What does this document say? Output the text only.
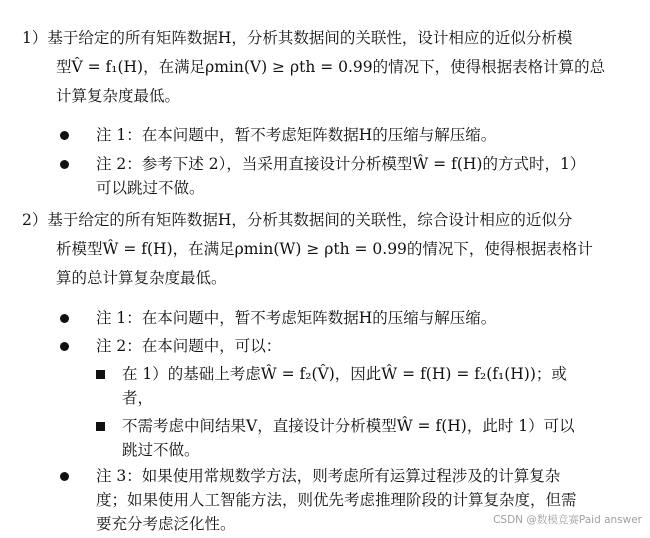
1）基于给定的所有矩阵数据H，分析其数据间的关联性，设计相应的近似分析模
型V̂ = f₁(H)，在满足ρmin(V) ≥ ρth = 0.99的情况下，使得根据表格计算的总
计算复杂度最低。
注 1：在本问题中，暂不考虑矩阵数据H的压缩与解压缩。
注 2：参考下述 2），当采用直接设计分析模型Ŵ = f(H)的方式时，1）
可以跳过不做。
2）基于给定的所有矩阵数据H，分析其数据间的关联性，综合设计相应的近似分
析模型Ŵ = f(H)，在满足ρmin(W) ≥ ρth = 0.99的情况下，使得根据表格计
算的总计算复杂度最低。
注 1：在本问题中，暂不考虑矩阵数据H的压缩与解压缩。
注 2：在本问题中，可以：
在 1）的基础上考虑Ŵ = f₂(V̂)，因此Ŵ = f(H) = f₂(f₁(H))；或
者，
不需考虑中间结果V，直接设计分析模型Ŵ = f(H)，此时 1）可以
跳过不做。
注 3：如果使用常规数学方法，则考虑所有运算过程涉及的计算复杂
度；如果使用人工智能方法，则优先考虑推理阶段的计算复杂度，但需
要充分考虑泛化性。	CSDN @数模竞赛Paid answer
